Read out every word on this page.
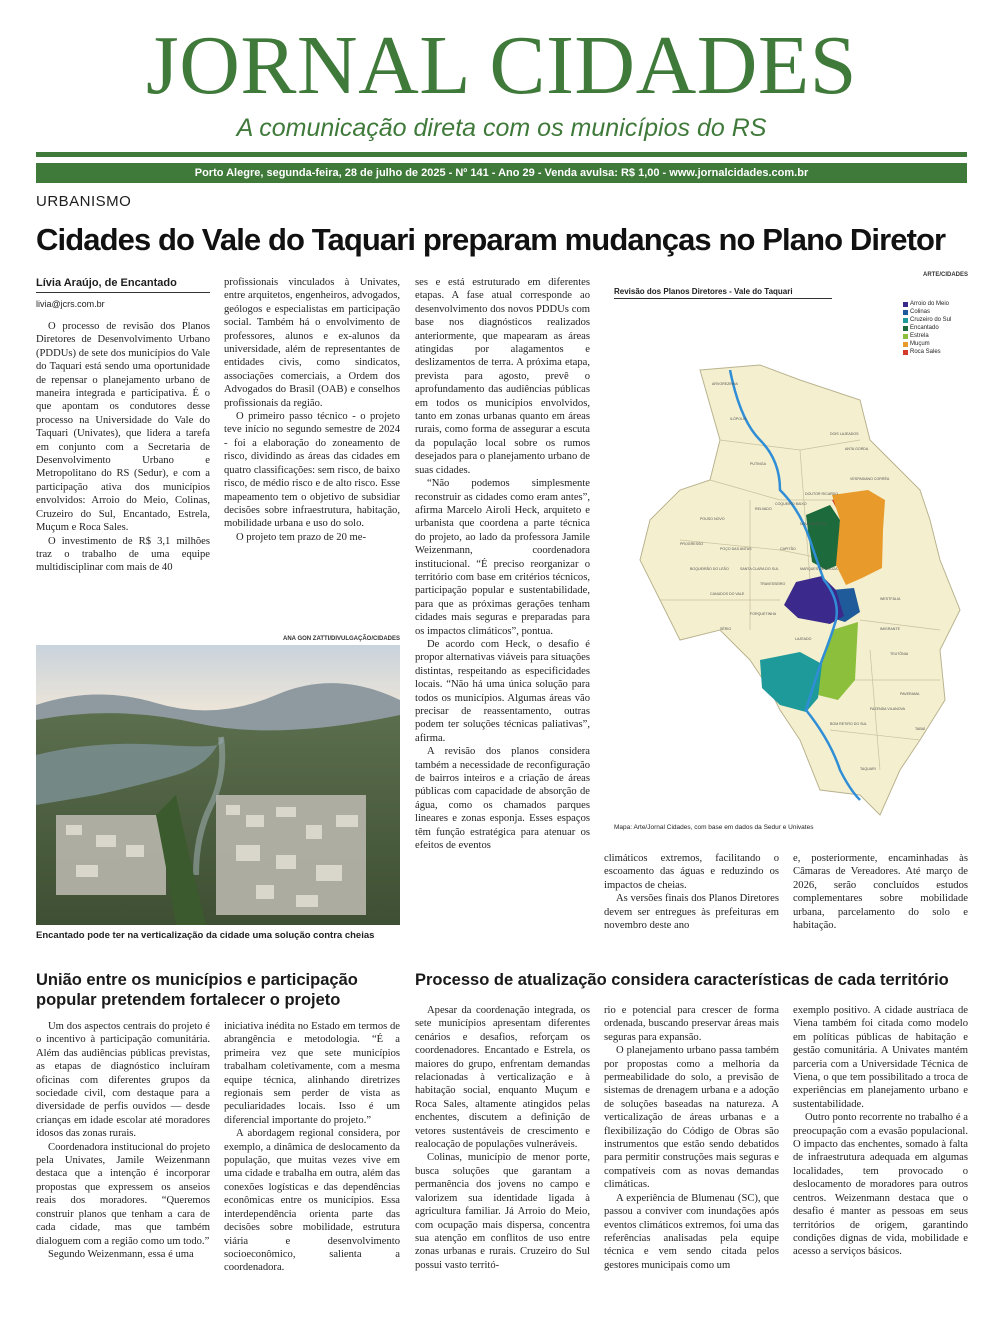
JORNAL CIDADES
A comunicação direta com os municípios do RS
Porto Alegre, segunda-feira, 28 de julho de 2025 - Nº 141 - Ano 29 - Venda avulsa: R$ 1,00 - www.jornalcidades.com.br
URBANISMO
Cidades do Vale do Taquari preparam mudanças no Plano Diretor
Lívia Araújo, de Encantado
livia@jcrs.com.br

O processo de revisão dos Planos Diretores de Desenvolvimento Urbano (PDDUs) de sete dos municípios do Vale do Taquari está sendo uma oportunidade de repensar o planejamento urbano de maneira integrada e participativa. É o que apontam os condutores desse processo na Universidade do Vale do Taquari (Univates), que lidera a tarefa em conjunto com a Secretaria de Desenvolvimento Urbano e Metropolitano do RS (Sedur), e com a participação ativa dos municípios envolvidos: Arroio do Meio, Colinas, Cruzeiro do Sul, Encantado, Estrela, Muçum e Roca Sales.

O investimento de R$ 3,1 milhões traz o trabalho de uma equipe multidisciplinar com mais de 40

profissionais vinculados à Univates, entre arquitetos, engenheiros, advogados, geólogos e especialistas em participação social. Também há o envolvimento de professores, alunos e ex-alunos da universidade, além de representantes de entidades civis, como sindicatos, associações comerciais, a Ordem dos Advogados do Brasil (OAB) e conselhos profissionais da região.

O primeiro passo técnico - o projeto teve início no segundo semestre de 2024 - foi a elaboração do zoneamento de risco, dividindo as áreas das cidades em quatro classificações: sem risco, de baixo risco, de médio risco e de alto risco. Esse mapeamento tem o objetivo de subsidiar decisões sobre infraestrutura, habitação, mobilidade urbana e uso do solo.

O projeto tem prazo de 20 me-

ANA GON ZATTI/DIVULGAÇÃO/CIDADES
Encantado pode ter na verticalização da cidade uma solução contra cheias

ses e está estruturado em diferentes etapas. A fase atual corresponde ao desenvolvimento dos novos PDDUs com base nos diagnósticos realizados anteriormente, que mapearam as áreas atingidas por alagamentos e deslizamentos de terra. A próxima etapa, prevista para agosto, prevê o aprofundamento das audiências públicas em todos os municípios envolvidos, tanto em zonas urbanas quanto em áreas rurais, como forma de assegurar a escuta da população local sobre os rumos desejados para o planejamento urbano de suas cidades.

“Não podemos simplesmente reconstruir as cidades como eram antes”, afirma Marcelo Airoli Heck, arquiteto e urbanista que coordena a parte técnica do projeto, ao lado da professora Jamile Weizenmann, coordenadora institucional. “É preciso reorganizar o território com base em critérios técnicos, participação popular e sustentabilidade, para que as próximas gerações tenham cidades mais seguras e preparadas para os impactos climáticos”, pontua.

De acordo com Heck, o desafio é propor alternativas viáveis para situações distintas, respeitando as especificidades locais. “Não há uma única solução para todos os municípios. Algumas áreas vão precisar de reassentamento, outras podem ter soluções técnicas paliativas”, afirma.

A revisão dos planos considera também a necessidade de reconfiguração de bairros inteiros e a criação de áreas públicas com capacidade de absorção de água, como os chamados parques lineares e zonas esponja. Esses espaços têm função estratégica para atenuar os efeitos de eventos

climáticos extremos, facilitando o escoamento das águas e reduzindo os impactos de cheias.

As versões finais dos Planos Diretores devem ser entregues às prefeituras em novembro deste ano

e, posteriormente, encaminhadas às Câmaras de Vereadores. Até março de 2026, serão concluídos estudos complementares sobre mobilidade urbana, parcelamento do solo e habitação.

ARTE/CIDADES
Revisão dos Planos Diretores - Vale do Taquari
Arroio do Meio
Colinas
Cruzeiro do Sul
Encantado
Estrela
Muçum
Roca Sales
ARVOREZINHA
ILÓPOLIS
PUTINGA
RELVADO
NOVA BRÉSCIA
CAPITÃO
TRAVESSEIRO
MARQUES DE SOUZA
LAJEADO
TEUTÔNIA
PAVERAMA
TABAÍ
TAQUARI
BOM RETIRO DO SUL
FAZENDA VILANOVA
WESTFÁLIA
IMIGRANTE
POUSO NOVO
PROGRESSO
SÉRIO
FORQUETINHA
CANUDOS DO VALE
SANTA CLARA DO SUL
COQUEIRO BAIXO
DOUTOR RICARDO
VESPASIANO CORRÊA
ANTA GORDA
DOIS LAJEADOS
BOQUEIRÃO DO LEÃO
POÇO DAS ANTAS
Mapa: Arte/Jornal Cidades, com base em dados da Sedur e Univates
União entre os municípios e participação popular pretendem fortalecer o projeto

Um dos aspectos centrais do projeto é o incentivo à participação comunitária. Além das audiências públicas previstas, as etapas de diagnóstico incluíram oficinas com diferentes grupos da sociedade civil, com destaque para a diversidade de perfis ouvidos — desde crianças em idade escolar até moradores idosos das zonas rurais.

Coordenadora institucional do projeto pela Univates, Jamile Weizenmann destaca que a intenção é incorporar propostas que expressem os anseios reais dos moradores. “Queremos construir planos que tenham a cara de cada cidade, mas que também dialoguem com a região como um todo.”

Segundo Weizenmann, essa é uma

iniciativa inédita no Estado em termos de abrangência e metodologia. “É a primeira vez que sete municípios trabalham coletivamente, com a mesma equipe técnica, alinhando diretrizes regionais sem perder de vista as peculiaridades locais. Isso é um diferencial importante do projeto.”

A abordagem regional considera, por exemplo, a dinâmica de deslocamento da população, que muitas vezes vive em uma cidade e trabalha em outra, além das conexões logísticas e das dependências econômicas entre os municípios. Essa interdependência orienta parte das decisões sobre mobilidade, estrutura viária e desenvolvimento socioeconômico, salienta a coordenadora.

Processo de atualização considera características de cada território

Apesar da coordenação integrada, os sete municípios apresentam diferentes cenários e desafios, reforçam os coordenadores. Encantado e Estrela, os maiores do grupo, enfrentam demandas relacionadas à verticalização e à habitação social, enquanto Muçum e Roca Sales, altamente atingidos pelas enchentes, discutem a definição de vetores sustentáveis de crescimento e realocação de populações vulneráveis.

Colinas, município de menor porte, busca soluções que garantam a permanência dos jovens no campo e valorizem sua identidade ligada à agricultura familiar. Já Arroio do Meio, com ocupação mais dispersa, concentra sua atenção em conflitos de uso entre zonas urbanas e rurais. Cruzeiro do Sul possui vasto territó-

rio e potencial para crescer de forma ordenada, buscando preservar áreas mais seguras para expansão.

O planejamento urbano passa também por propostas como a melhoria da permeabilidade do solo, a previsão de sistemas de drenagem urbana e a adoção de soluções baseadas na natureza. A verticalização de áreas urbanas e a flexibilização do Código de Obras são instrumentos que estão sendo debatidos para permitir construções mais seguras e compatíveis com as novas demandas climáticas.

A experiência de Blumenau (SC), que passou a conviver com inundações após eventos climáticos extremos, foi uma das referências analisadas pela equipe técnica e vem sendo citada pelos gestores municipais como um

exemplo positivo. A cidade austríaca de Viena também foi citada como modelo em políticas públicas de habitação e gestão comunitária. A Univates mantém parceria com a Universidade Técnica de Viena, o que tem possibilitado a troca de experiências em planejamento urbano e sustentabilidade.

Outro ponto recorrente no trabalho é a preocupação com a evasão populacional. O impacto das enchentes, somado à falta de infraestrutura adequada em algumas localidades, tem provocado o deslocamento de moradores para outros centros. Weizenmann destaca que o desafio é manter as pessoas em seus territórios de origem, garantindo condições dignas de vida, mobilidade e acesso a serviços básicos.
